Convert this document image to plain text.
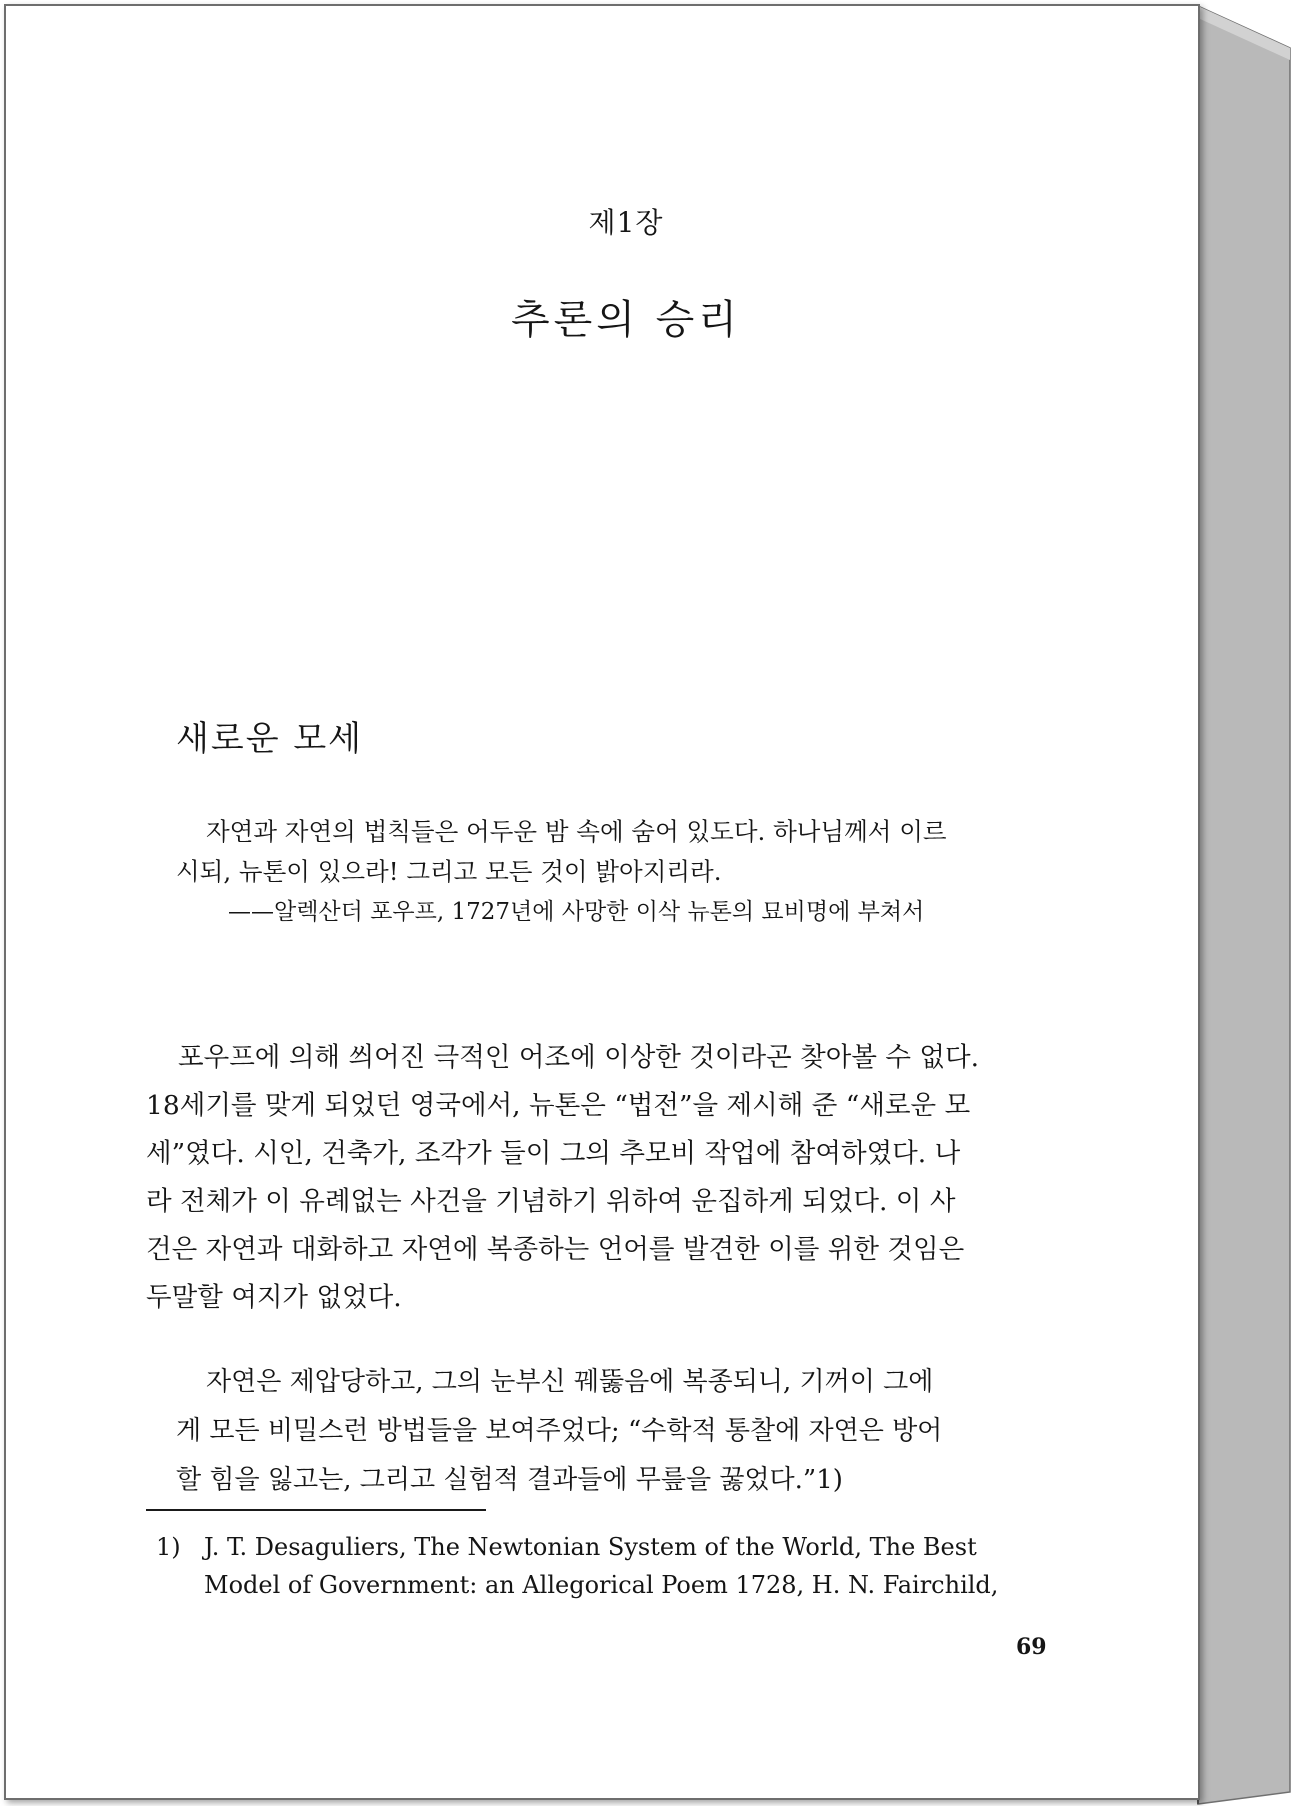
제1장
추론의 승리
새로운 모세
자연과 자연의 법칙들은 어두운 밤 속에 숨어 있도다. 하나님께서 이르
시되, 뉴톤이 있으라! 그리고 모든 것이 밝아지리라.
——알렉산더 포우프, 1727년에 사망한 이삭 뉴톤의 묘비명에 부쳐서
포우프에 의해 씌어진 극적인 어조에 이상한 것이라곤 찾아볼 수 없다.
18세기를 맞게 되었던 영국에서, 뉴톤은 “법전”을 제시해 준 “새로운 모
세”였다. 시인, 건축가, 조각가 들이 그의 추모비 작업에 참여하였다. 나
라 전체가 이 유례없는 사건을 기념하기 위하여 운집하게 되었다. 이 사
건은 자연과 대화하고 자연에 복종하는 언어를 발견한 이를 위한 것임은
두말할 여지가 없었다.
자연은 제압당하고, 그의 눈부신 꿰뚫음에 복종되니, 기꺼이 그에
게 모든 비밀스런 방법들을 보여주었다; “수학적 통찰에 자연은 방어
할 힘을 잃고는, 그리고 실험적 결과들에 무릎을 꿇었다.”1)
1) J. T. Desaguliers, The Newtonian System of the World, The Best
Model of Government: an Allegorical Poem 1728, H. N. Fairchild,
69
